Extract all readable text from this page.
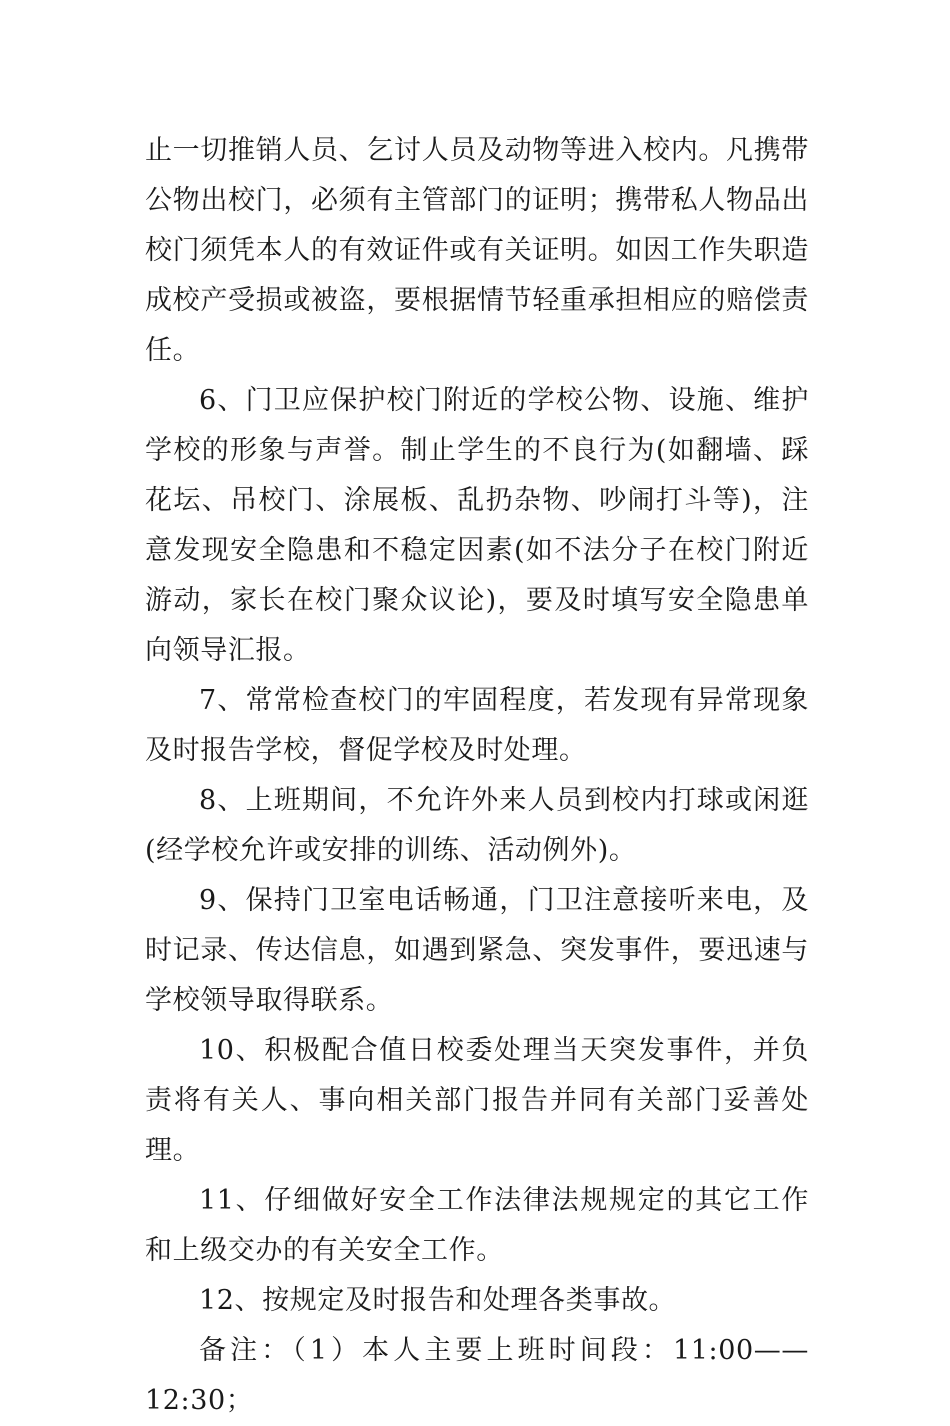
止一切推销人员、乞讨人员及动物等进入校内。凡携带公物出校门，必须有主管部门的证明；携带私人物品出校门须凭本人的有效证件或有关证明。如因工作失职造成校产受损或被盗，要根据情节轻重承担相应的赔偿责任。

6、门卫应保护校门附近的学校公物、设施、维护学校的形象与声誉。制止学生的不良行为(如翻墙、踩花坛、吊校门、涂展板、乱扔杂物、吵闹打斗等)，注意发现安全隐患和不稳定因素(如不法分子在校门附近游动，家长在校门聚众议论)，要及时填写安全隐患单向领导汇报。

7、常常检查校门的牢固程度，若发现有异常现象及时报告学校，督促学校及时处理。

8、上班期间，不允许外来人员到校内打球或闲逛(经学校允许或安排的训练、活动例外)。

9、保持门卫室电话畅通，门卫注意接听来电，及时记录、传达信息，如遇到紧急、突发事件，要迅速与学校领导取得联系。

10、积极配合值日校委处理当天突发事件，并负责将有关人、事向相关部门报告并同有关部门妥善处理。

11、仔细做好安全工作法律法规规定的其它工作和上级交办的有关安全工作。

12、按规定及时报告和处理各类事故。

备注：（1）本人主要上班时间段：11:00——12:30；
